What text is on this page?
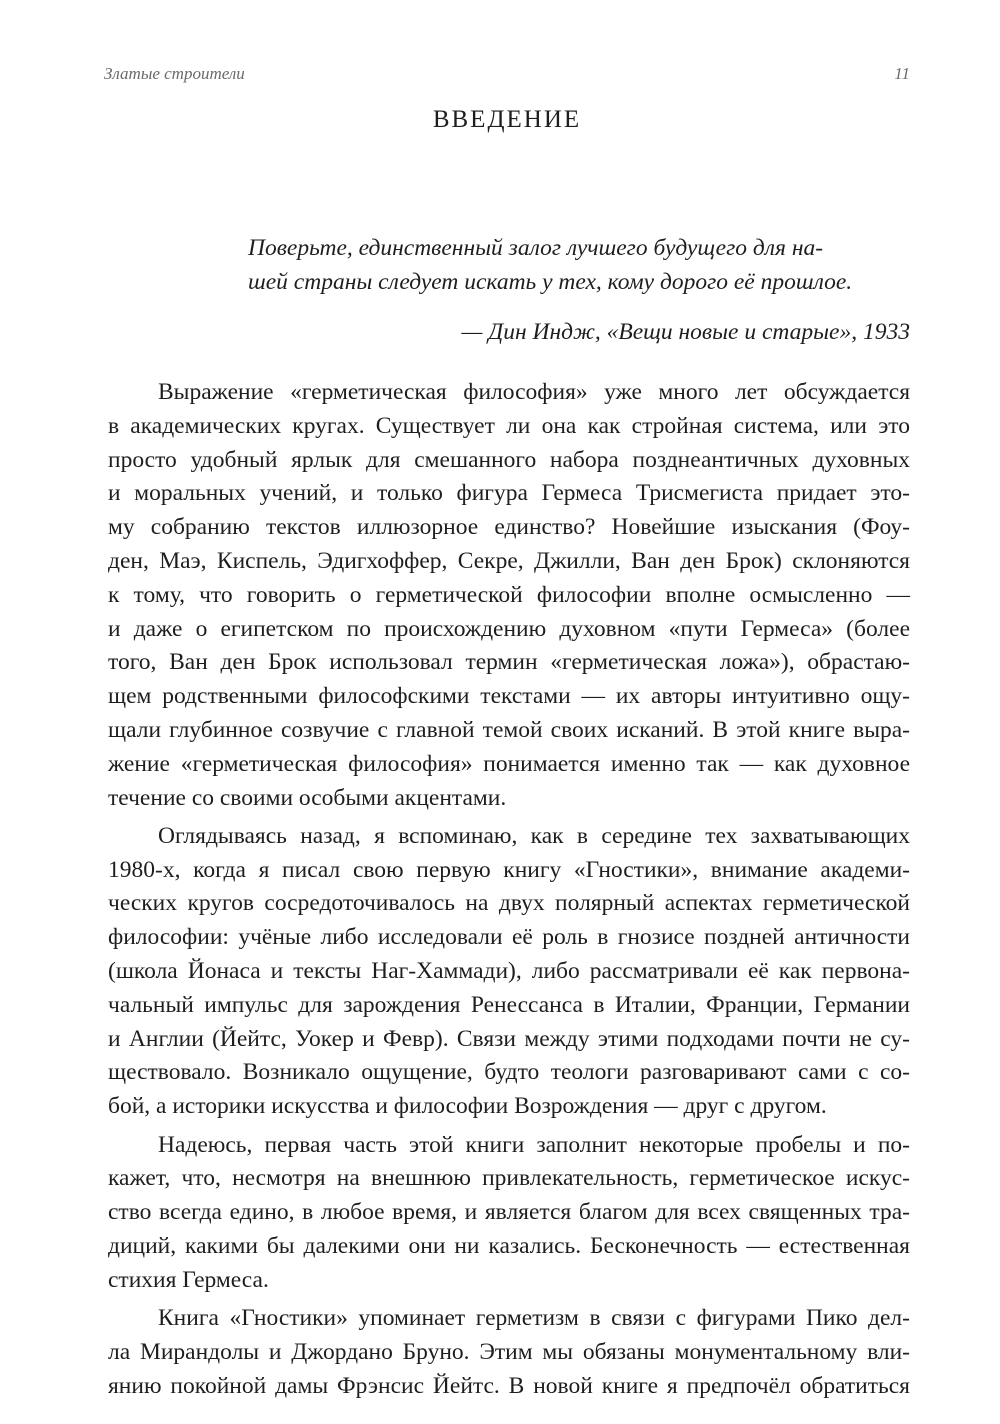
Златые строители	11
ВВЕДЕНИЕ
Поверьте, единственный залог лучшего будущего для на-
шей страны следует искать у тех, кому дорого её прошлое.
— Дин Индж, «Вещи новые и старые», 1933
Выражение «герметическая философия» уже много лет обсуждается
в академических кругах. Существует ли она как стройная система, или это
просто удобный ярлык для смешанного набора позднеантичных духовных
и моральных учений, и только фигура Гермеса Трисмегиста придает это-
му собранию текстов иллюзорное единство? Новейшие изыскания (Фоу-
ден, Маэ, Киспель, Эдигхоффер, Секре, Джилли, Ван ден Брок) склоняются
к тому, что говорить о герметической философии вполне осмысленно —
и даже о египетском по происхождению духовном «пути Гермеса» (более
того, Ван ден Брок использовал термин «герметическая ложа»), обрастаю-
щем родственными философскими текстами — их авторы интуитивно ощу-
щали глубинное созвучие с главной темой своих исканий. В этой книге выра-
жение «герметическая философия» понимается именно так — как духовное
течение со своими особыми акцентами.
Оглядываясь назад, я вспоминаю, как в середине тех захватывающих
1980-х, когда я писал свою первую книгу «Гностики», внимание академи-
ческих кругов сосредоточивалось на двух полярный аспектах герметической
философии: учёные либо исследовали её роль в гнозисе поздней античности
(школа Йонаса и тексты Наг-Хаммади), либо рассматривали её как первона-
чальный импульс для зарождения Ренессанса в Италии, Франции, Германии
и Англии (Йейтс, Уокер и Февр). Связи между этими подходами почти не су-
ществовало. Возникало ощущение, будто теологи разговаривают сами с со-
бой, а историки искусства и философии Возрождения — друг с другом.
Надеюсь, первая часть этой книги заполнит некоторые пробелы и по-
кажет, что, несмотря на внешнюю привлекательность, герметическое искус-
ство всегда едино, в любое время, и является благом для всех священных тра-
диций, какими бы далекими они ни казались. Бесконечность — естественная
стихия Гермеса.
Книга «Гностики» упоминает герметизм в связи с фигурами Пико дел-
ла Мирандолы и Джордано Бруно. Этим мы обязаны монументальному вли-
янию покойной дамы Фрэнсис Йейтс. В новой книге я предпочёл обратиться
